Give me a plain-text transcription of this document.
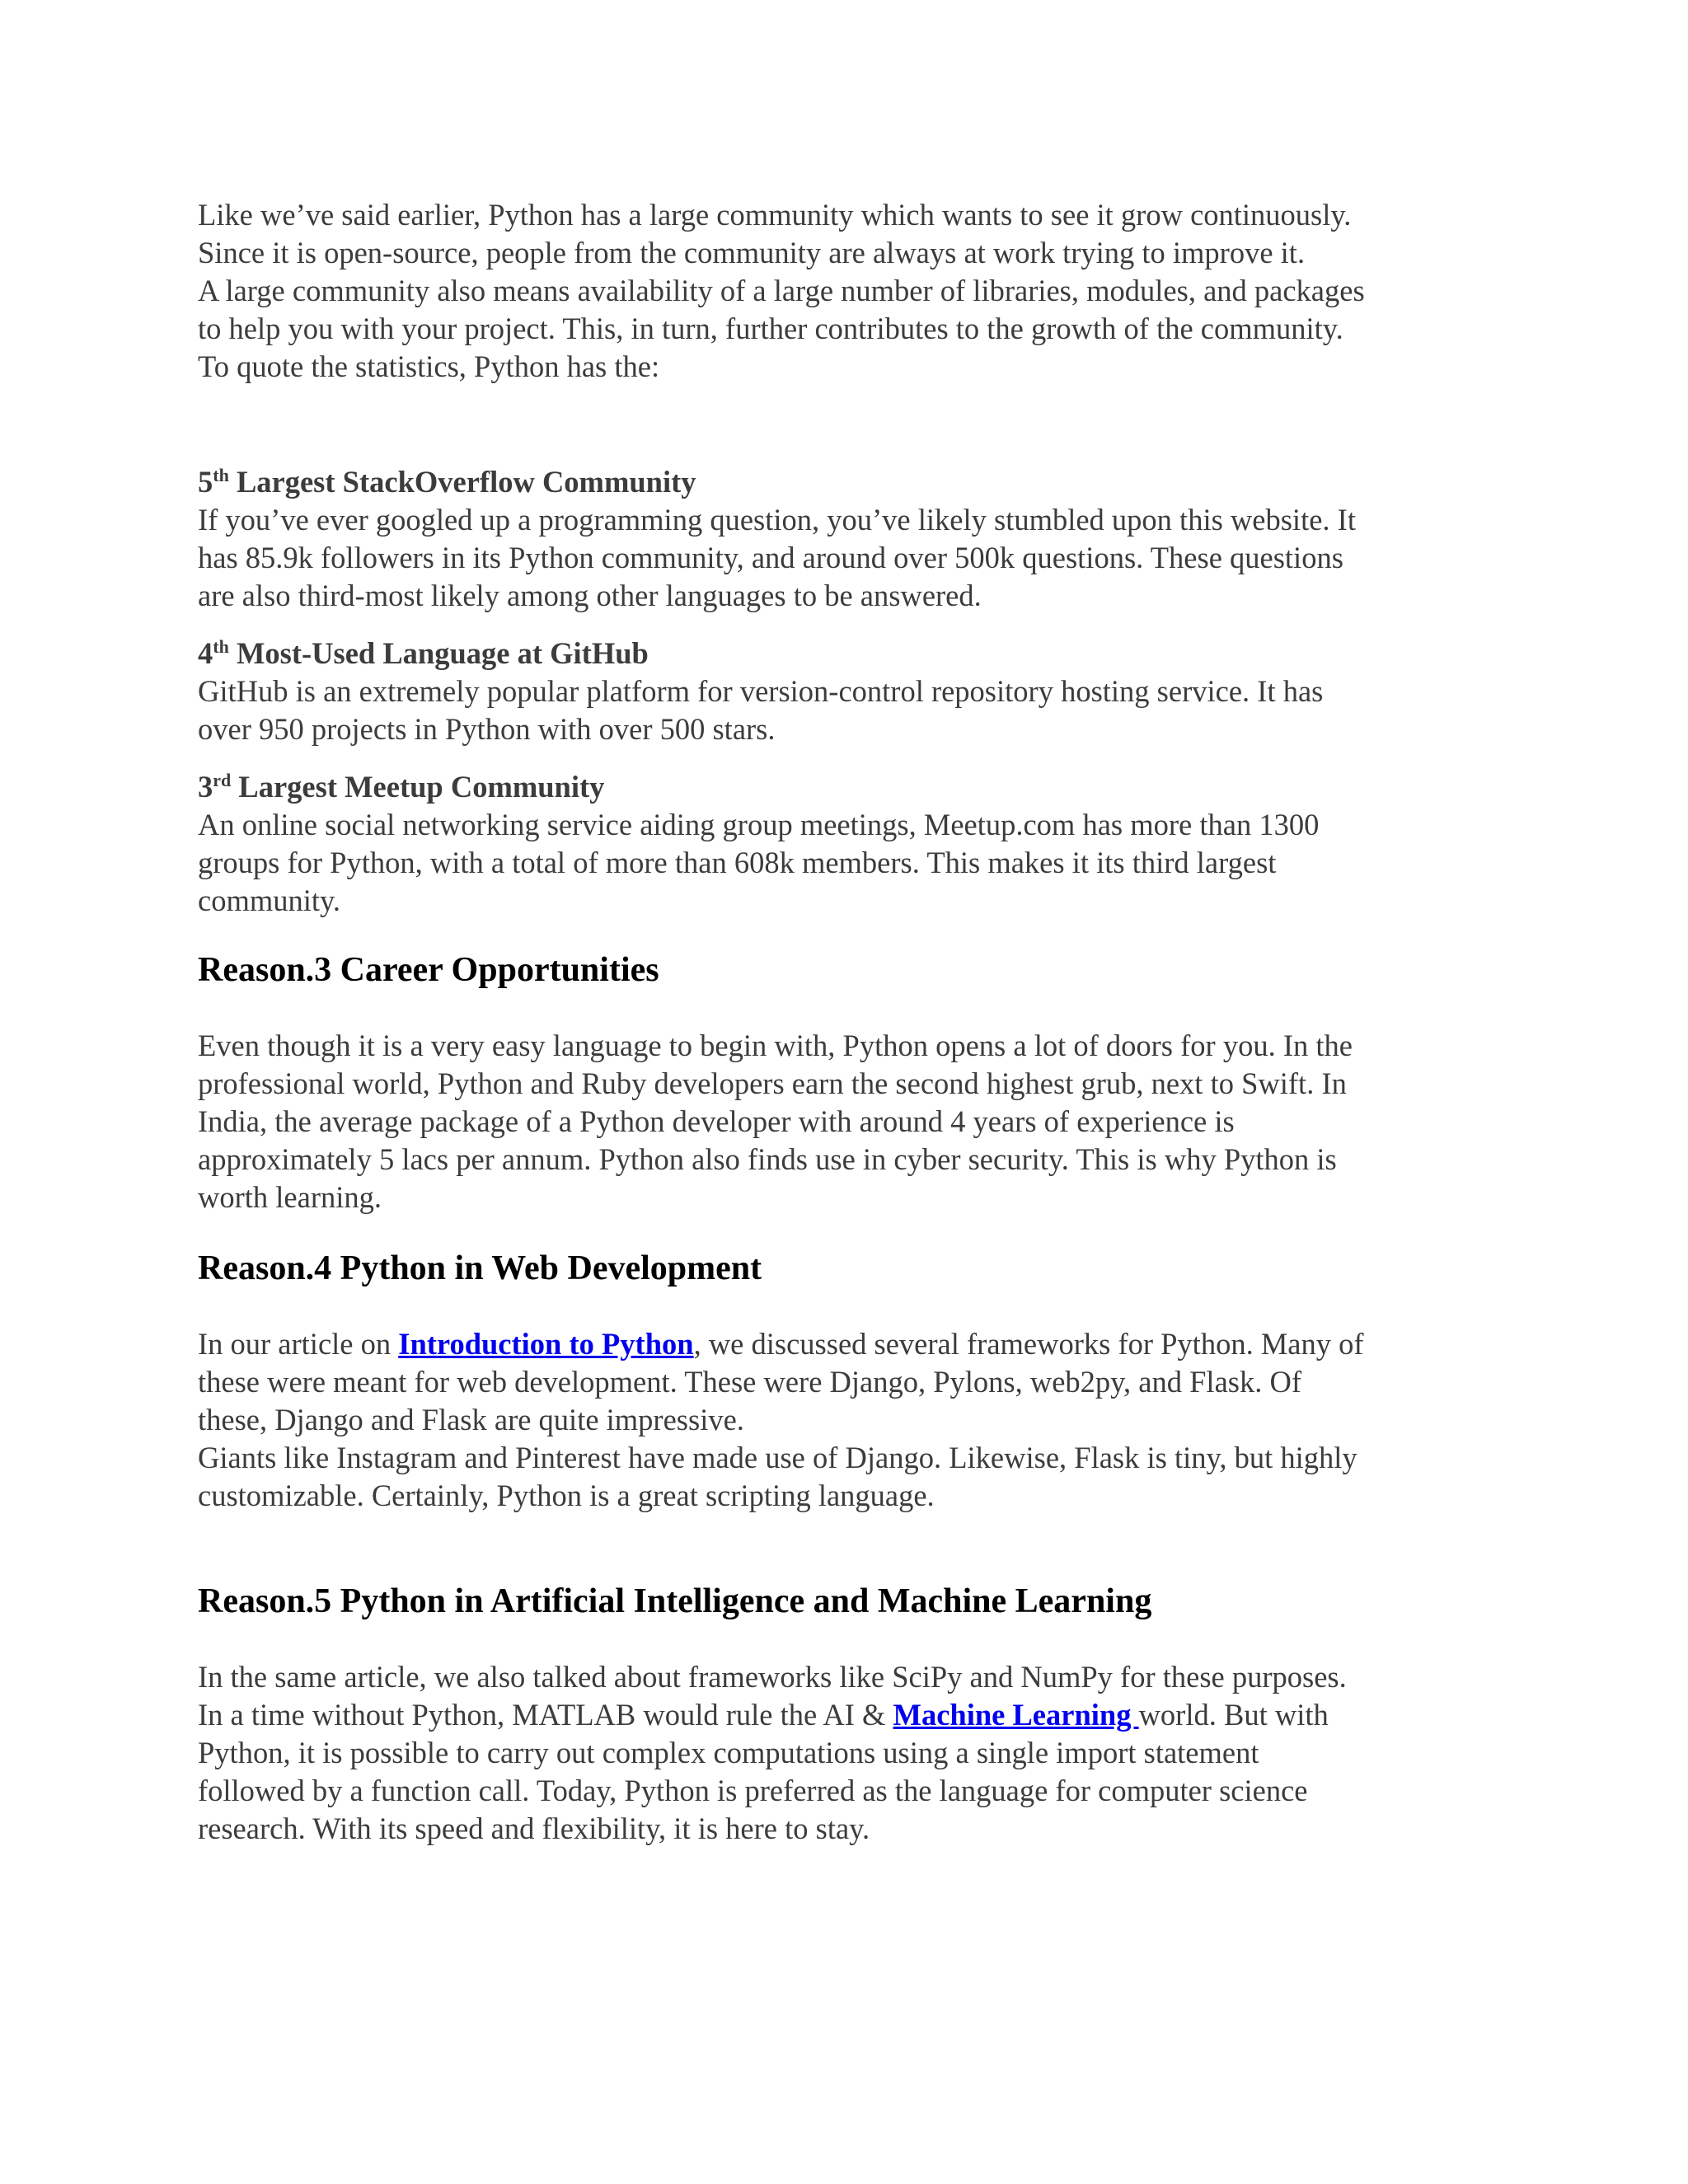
Like we’ve said earlier, Python has a large community which wants to see it grow continuously.
Since it is open-source, people from the community are always at work trying to improve it.
A large community also means availability of a large number of libraries, modules, and packages
to help you with your project. This, in turn, further contributes to the growth of the community.
To quote the statistics, Python has the:

5th Largest StackOverflow Community

If you’ve ever googled up a programming question, you’ve likely stumbled upon this website. It
has 85.9k followers in its Python community, and around over 500k questions. These questions
are also third-most likely among other languages to be answered.

4th Most-Used Language at GitHub

GitHub is an extremely popular platform for version-control repository hosting service. It has
over 950 projects in Python with over 500 stars.

3rd Largest Meetup Community

An online social networking service aiding group meetings, Meetup.com has more than 1300
groups for Python, with a total of more than 608k members. This makes it its third largest
community.

Reason.3 Career Opportunities

Even though it is a very easy language to begin with, Python opens a lot of doors for you. In the
professional world, Python and Ruby developers earn the second highest grub, next to Swift. In
India, the average package of a Python developer with around 4 years of experience is
approximately 5 lacs per annum. Python also finds use in cyber security. This is why Python is
worth learning.

Reason.4 Python in Web Development

In our article on Introduction to Python, we discussed several frameworks for Python. Many of
these were meant for web development. These were Django, Pylons, web2py, and Flask. Of
these, Django and Flask are quite impressive.
Giants like Instagram and Pinterest have made use of Django. Likewise, Flask is tiny, but highly
customizable. Certainly, Python is a great scripting language.

Reason.5 Python in Artificial Intelligence and Machine Learning

In the same article, we also talked about frameworks like SciPy and NumPy for these purposes.
In a time without Python, MATLAB would rule the AI & Machine Learning world. But with
Python, it is possible to carry out complex computations using a single import statement
followed by a function call. Today, Python is preferred as the language for computer science
research. With its speed and flexibility, it is here to stay.
